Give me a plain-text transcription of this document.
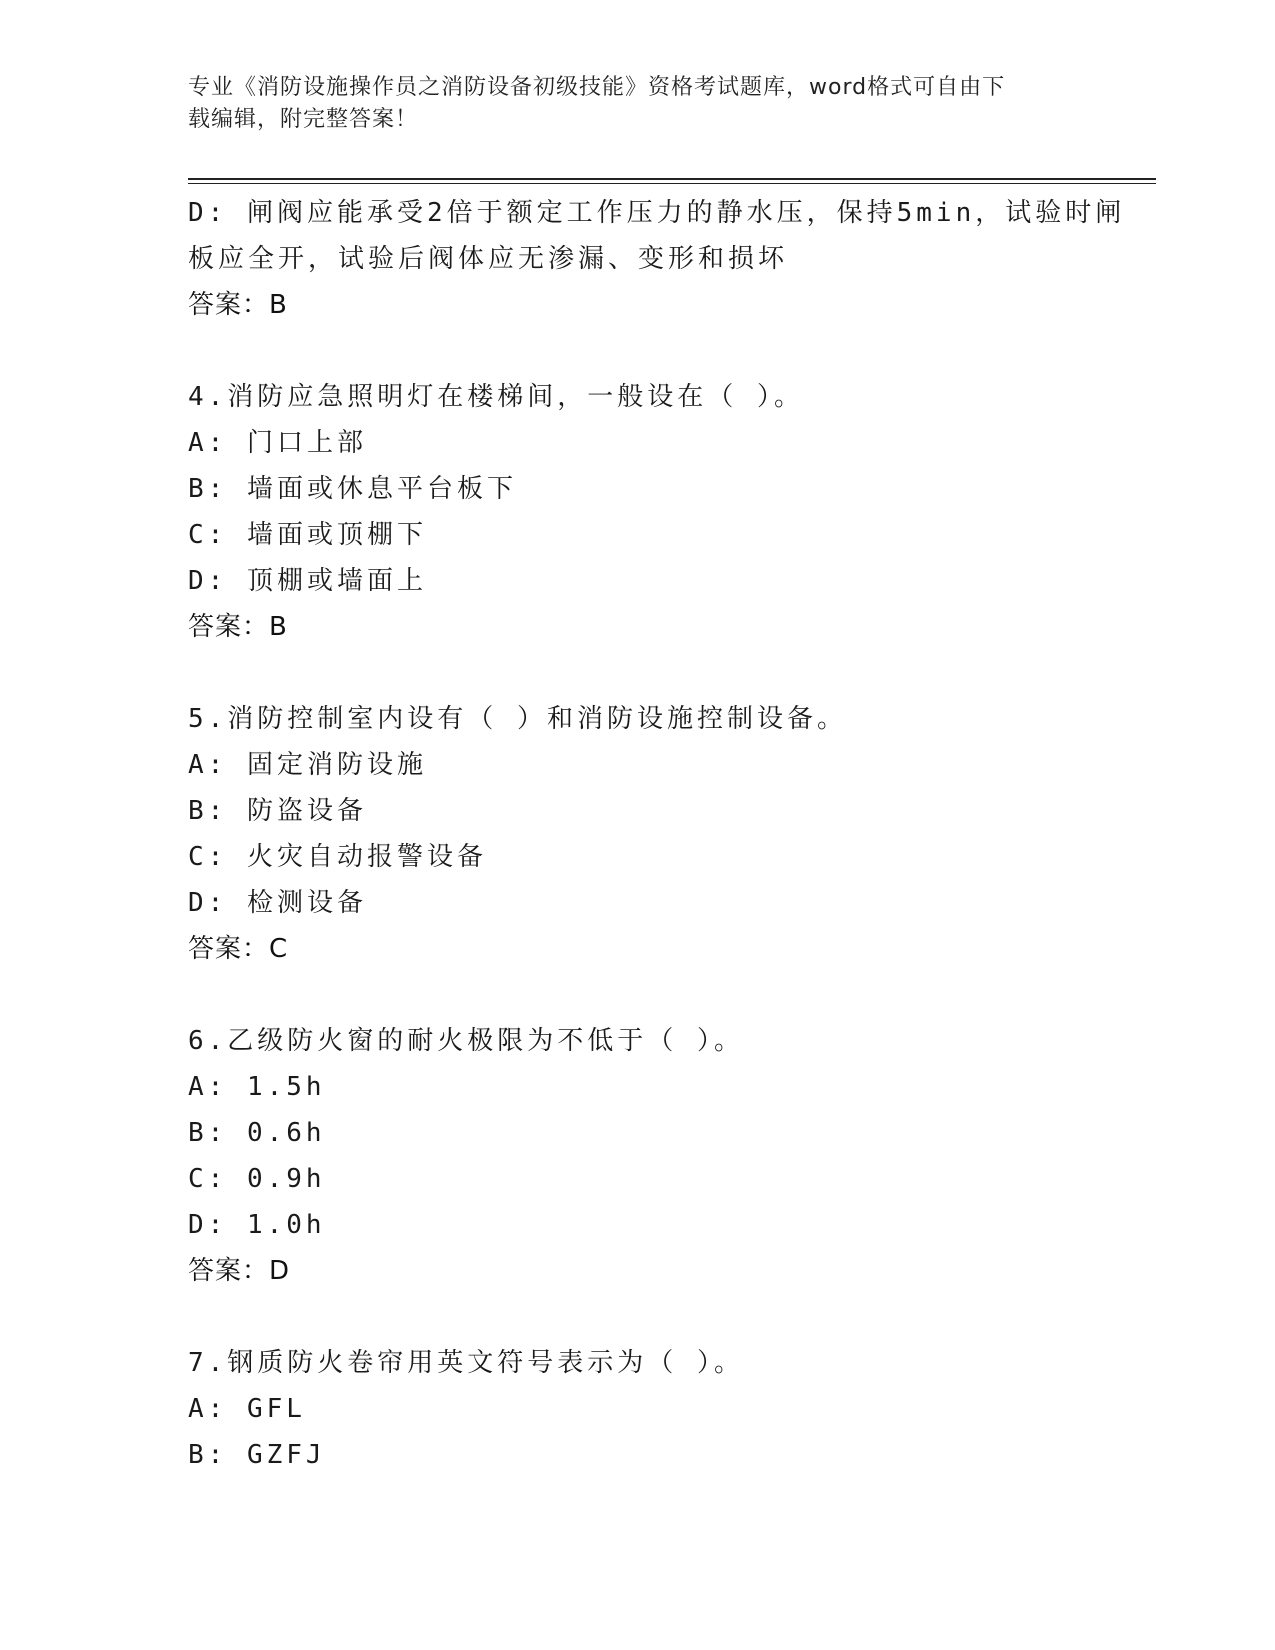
专业《消防设施操作员之消防设备初级技能》资格考试题库，word格式可自由下
载编辑，附完整答案！
D: 闸阀应能承受2倍于额定工作压力的静水压，保持5min，试验时闸
板应全开，试验后阀体应无渗漏、变形和损坏
答案：B
4.消防应急照明灯在楼梯间，一般设在（ ）。
A: 门口上部
B: 墙面或休息平台板下
C: 墙面或顶棚下
D: 顶棚或墙面上
答案：B
5.消防控制室内设有（ ）和消防设施控制设备。
A: 固定消防设施
B: 防盗设备
C: 火灾自动报警设备
D: 检测设备
答案：C
6.乙级防火窗的耐火极限为不低于（ ）。
A: 1.5h
B: 0.6h
C: 0.9h
D: 1.0h
答案：D
7.钢质防火卷帘用英文符号表示为（ ）。
A: GFL
B: GZFJ
